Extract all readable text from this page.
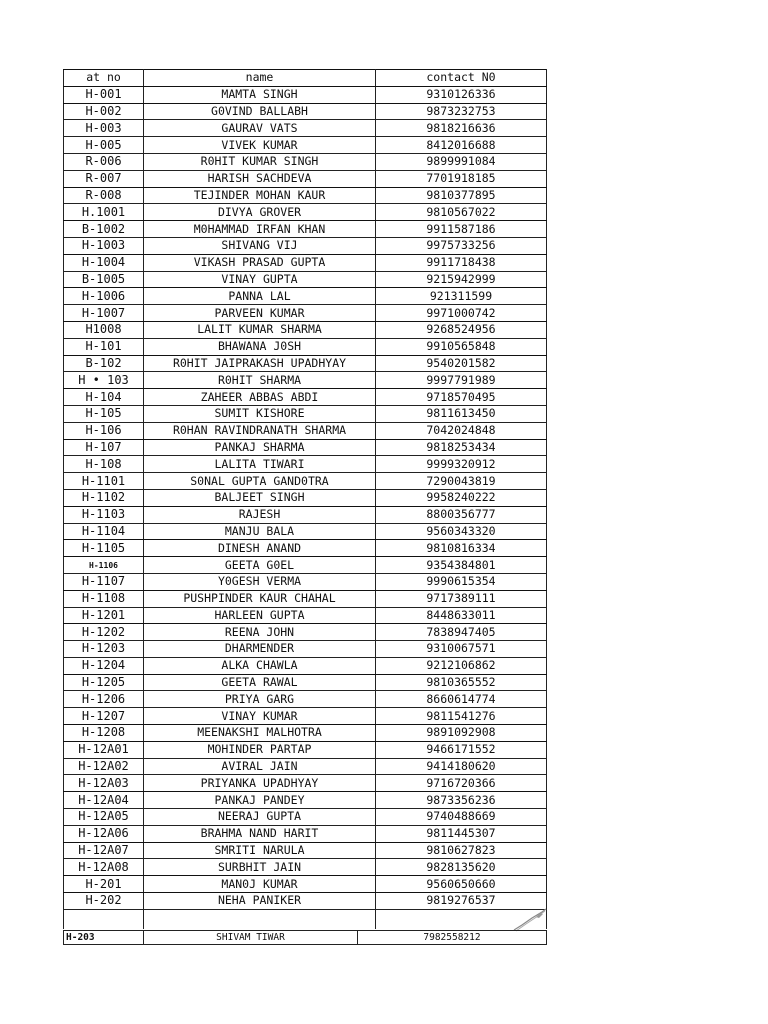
at no	name	contact N0
H-001	MAMTA SINGH	9310126336
H-002	G0VIND BALLABH	9873232753
H-003	GAURAV VATS	9818216636
H-005	VIVEK KUMAR	8412016688
R-006	R0HIT KUMAR SINGH	9899991084
R-007	HARISH SACHDEVA	7701918185
R-008	TEJINDER MOHAN KAUR	9810377895
H.1001	DIVYA GROVER	9810567022
B-1002	M0HAMMAD IRFAN KHAN	9911587186
H-1003	SHIVANG VIJ	9975733256
H-1004	VIKASH PRASAD GUPTA	9911718438
B-1005	VINAY GUPTA	9215942999
H-1006	PANNA LAL	921311599
H-1007	PARVEEN KUMAR	9971000742
H1008	LALIT KUMAR SHARMA	9268524956
H-101	BHAWANA J0SH	9910565848
B-102	R0HIT JAIPRAKASH UPADHYAY	9540201582
H • 103	R0HIT SHARMA	9997791989
H-104	ZAHEER ABBAS ABDI	9718570495
H-105	SUMIT KISHORE	9811613450
H-106	R0HAN RAVINDRANATH SHARMA	7042024848
H-107	PANKAJ SHARMA	9818253434
H-108	LALITA TIWARI	9999320912
H-1101	S0NAL GUPTA GAND0TRA	7290043819
H-1102	BALJEET SINGH	9958240222
H-1103	RAJESH	8800356777
H-1104	MANJU BALA	9560343320
H-1105	DINESH ANAND	9810816334
H-1106	GEETA G0EL	9354384801
H-1107	Y0GESH VERMA	9990615354
H-1108	PUSHPINDER KAUR CHAHAL	9717389111
H-1201	HARLEEN GUPTA	8448633011
H-1202	REENA JOHN	7838947405
H-1203	DHARMENDER	9310067571
H-1204	ALKA CHAWLA	9212106862
H-1205	GEETA RAWAL	9810365552
H-1206	PRIYA GARG	8660614774
H-1207	VINAY KUMAR	9811541276
H-1208	MEENAKSHI MALHOTRA	9891092908
H-12A01	MOHINDER PARTAP	9466171552
H-12A02	AVIRAL JAIN	9414180620
H-12A03	PRIYANKA UPADHYAY	9716720366
H-12A04	PANKAJ PANDEY	9873356236
H-12A05	NEERAJ GUPTA	9740488669
H-12A06	BRAHMA NAND HARIT	9811445307
H-12A07	SMRITI NARULA	9810627823
H-12A08	SURBHIT JAIN	9828135620
H-201	MAN0J KUMAR	9560650660
H-202	NEHA PANIKER	9819276537

H-203	SHIVAM TIWAR	7982558212
